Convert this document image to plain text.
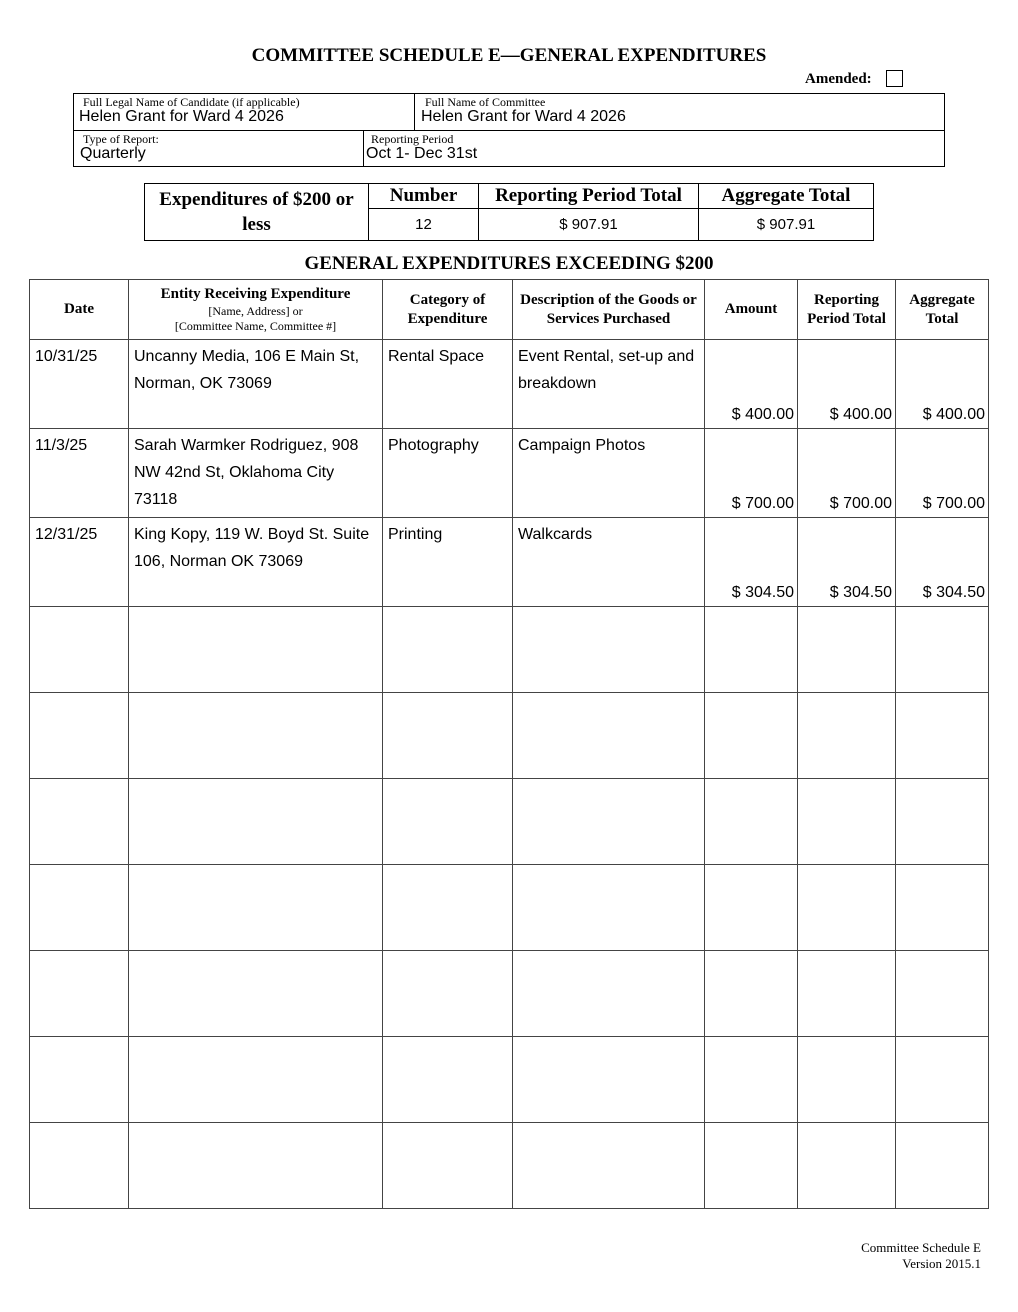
COMMITTEE SCHEDULE E—GENERAL EXPENDITURES
Amended:
Full Legal Name of Candidate (if applicable)
Helen Grant for Ward 4 2026
Full Name of Committee
Helen Grant for Ward 4 2026
Type of Report:
Quarterly
Reporting Period
Oct 1- Dec 31st
Expenditures of $200 or less	Number	Reporting Period Total	Aggregate Total
	12	$ 907.91	$ 907.91
GENERAL EXPENDITURES EXCEEDING $200
Date	Entity Receiving Expenditure
[Name, Address] or
[Committee Name, Committee #]	Category of Expenditure	Description of the Goods or Services Purchased	Amount	Reporting Period Total	Aggregate Total
10/31/25	Uncanny Media, 106 E Main St, Norman, OK 73069	Rental Space	Event Rental, set-up and breakdown	$ 400.00	$ 400.00	$ 400.00
11/3/25	Sarah Warmker Rodriguez, 908 NW 42nd St, Oklahoma City 73118	Photography	Campaign Photos	$ 700.00	$ 700.00	$ 700.00
12/31/25	King Kopy, 119 W. Boyd St. Suite 106, Norman OK 73069	Printing	Walkcards	$ 304.50	$ 304.50	$ 304.50

Committee Schedule E
Version 2015.1
